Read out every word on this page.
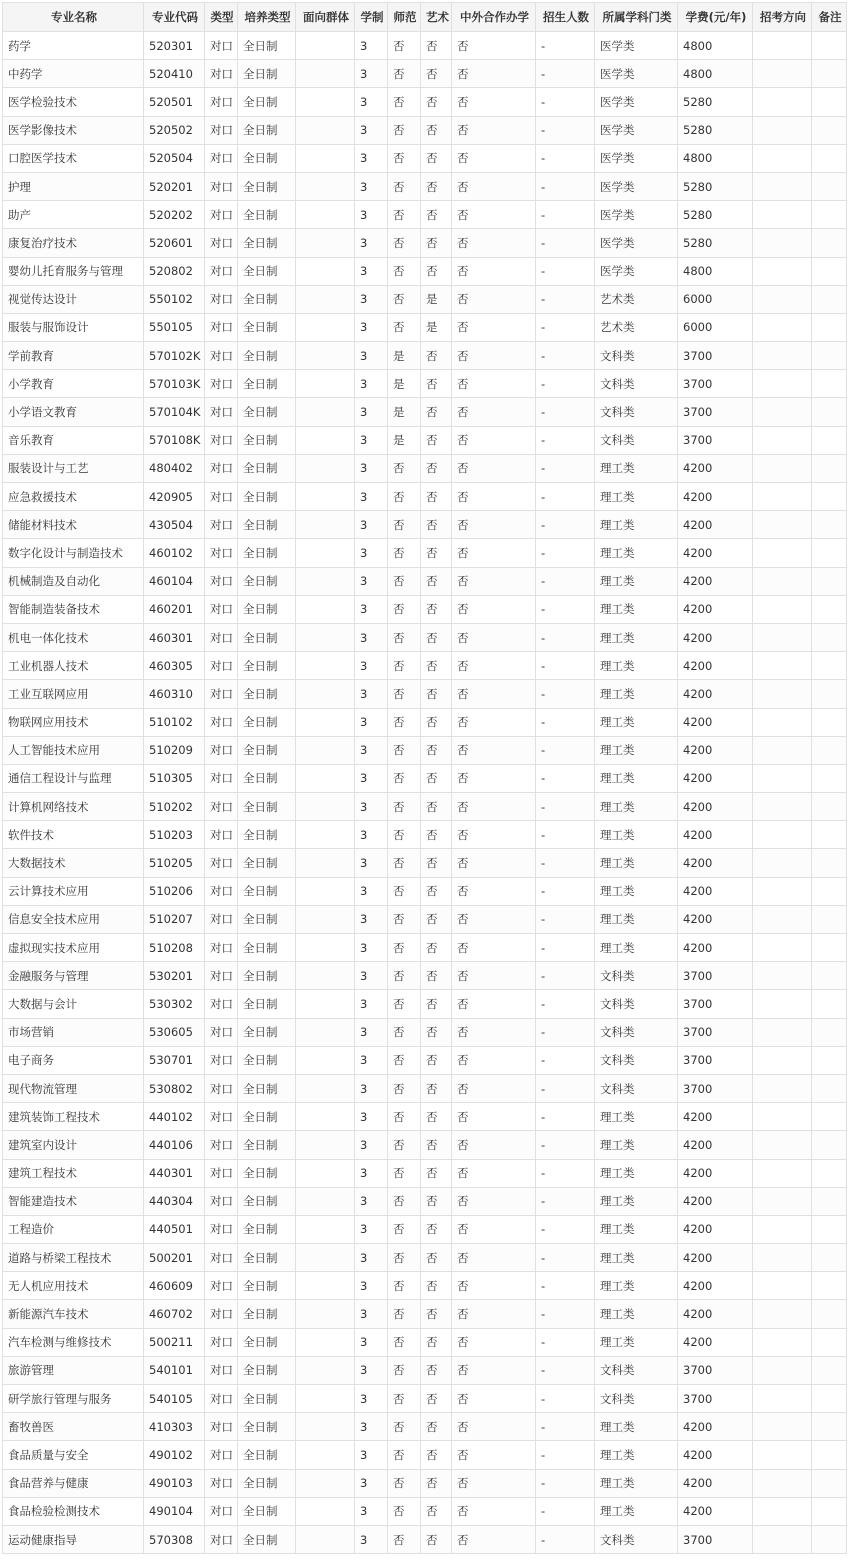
专业名称	专业代码	类型	培养类型	面向群体	学制	师范	艺术	中外合作办学	招生人数	所属学科门类	学费(元/年)	招考方向	备注
药学	520301	对口	全日制		3	否	否	否	-	医学类	4800		
中药学	520410	对口	全日制		3	否	否	否	-	医学类	4800		
医学检验技术	520501	对口	全日制		3	否	否	否	-	医学类	5280		
医学影像技术	520502	对口	全日制		3	否	否	否	-	医学类	5280		
口腔医学技术	520504	对口	全日制		3	否	否	否	-	医学类	4800		
护理	520201	对口	全日制		3	否	否	否	-	医学类	5280		
助产	520202	对口	全日制		3	否	否	否	-	医学类	5280		
康复治疗技术	520601	对口	全日制		3	否	否	否	-	医学类	5280		
婴幼儿托育服务与管理	520802	对口	全日制		3	否	否	否	-	医学类	4800		
视觉传达设计	550102	对口	全日制		3	否	是	否	-	艺术类	6000		
服装与服饰设计	550105	对口	全日制		3	否	是	否	-	艺术类	6000		
学前教育	570102K	对口	全日制		3	是	否	否	-	文科类	3700		
小学教育	570103K	对口	全日制		3	是	否	否	-	文科类	3700		
小学语文教育	570104K	对口	全日制		3	是	否	否	-	文科类	3700		
音乐教育	570108K	对口	全日制		3	是	否	否	-	文科类	3700		
服装设计与工艺	480402	对口	全日制		3	否	否	否	-	理工类	4200		
应急救援技术	420905	对口	全日制		3	否	否	否	-	理工类	4200		
储能材料技术	430504	对口	全日制		3	否	否	否	-	理工类	4200		
数字化设计与制造技术	460102	对口	全日制		3	否	否	否	-	理工类	4200		
机械制造及自动化	460104	对口	全日制		3	否	否	否	-	理工类	4200		
智能制造装备技术	460201	对口	全日制		3	否	否	否	-	理工类	4200		
机电一体化技术	460301	对口	全日制		3	否	否	否	-	理工类	4200		
工业机器人技术	460305	对口	全日制		3	否	否	否	-	理工类	4200		
工业互联网应用	460310	对口	全日制		3	否	否	否	-	理工类	4200		
物联网应用技术	510102	对口	全日制		3	否	否	否	-	理工类	4200		
人工智能技术应用	510209	对口	全日制		3	否	否	否	-	理工类	4200		
通信工程设计与监理	510305	对口	全日制		3	否	否	否	-	理工类	4200		
计算机网络技术	510202	对口	全日制		3	否	否	否	-	理工类	4200		
软件技术	510203	对口	全日制		3	否	否	否	-	理工类	4200		
大数据技术	510205	对口	全日制		3	否	否	否	-	理工类	4200		
云计算技术应用	510206	对口	全日制		3	否	否	否	-	理工类	4200		
信息安全技术应用	510207	对口	全日制		3	否	否	否	-	理工类	4200		
虚拟现实技术应用	510208	对口	全日制		3	否	否	否	-	理工类	4200		
金融服务与管理	530201	对口	全日制		3	否	否	否	-	文科类	3700		
大数据与会计	530302	对口	全日制		3	否	否	否	-	文科类	3700		
市场营销	530605	对口	全日制		3	否	否	否	-	文科类	3700		
电子商务	530701	对口	全日制		3	否	否	否	-	文科类	3700		
现代物流管理	530802	对口	全日制		3	否	否	否	-	文科类	3700		
建筑装饰工程技术	440102	对口	全日制		3	否	否	否	-	理工类	4200		
建筑室内设计	440106	对口	全日制		3	否	否	否	-	理工类	4200		
建筑工程技术	440301	对口	全日制		3	否	否	否	-	理工类	4200		
智能建造技术	440304	对口	全日制		3	否	否	否	-	理工类	4200		
工程造价	440501	对口	全日制		3	否	否	否	-	理工类	4200		
道路与桥梁工程技术	500201	对口	全日制		3	否	否	否	-	理工类	4200		
无人机应用技术	460609	对口	全日制		3	否	否	否	-	理工类	4200		
新能源汽车技术	460702	对口	全日制		3	否	否	否	-	理工类	4200		
汽车检测与维修技术	500211	对口	全日制		3	否	否	否	-	理工类	4200		
旅游管理	540101	对口	全日制		3	否	否	否	-	文科类	3700		
研学旅行管理与服务	540105	对口	全日制		3	否	否	否	-	文科类	3700		
畜牧兽医	410303	对口	全日制		3	否	否	否	-	理工类	4200		
食品质量与安全	490102	对口	全日制		3	否	否	否	-	理工类	4200		
食品营养与健康	490103	对口	全日制		3	否	否	否	-	理工类	4200		
食品检验检测技术	490104	对口	全日制		3	否	否	否	-	理工类	4200		
运动健康指导	570308	对口	全日制		3	否	否	否	-	文科类	3700		
